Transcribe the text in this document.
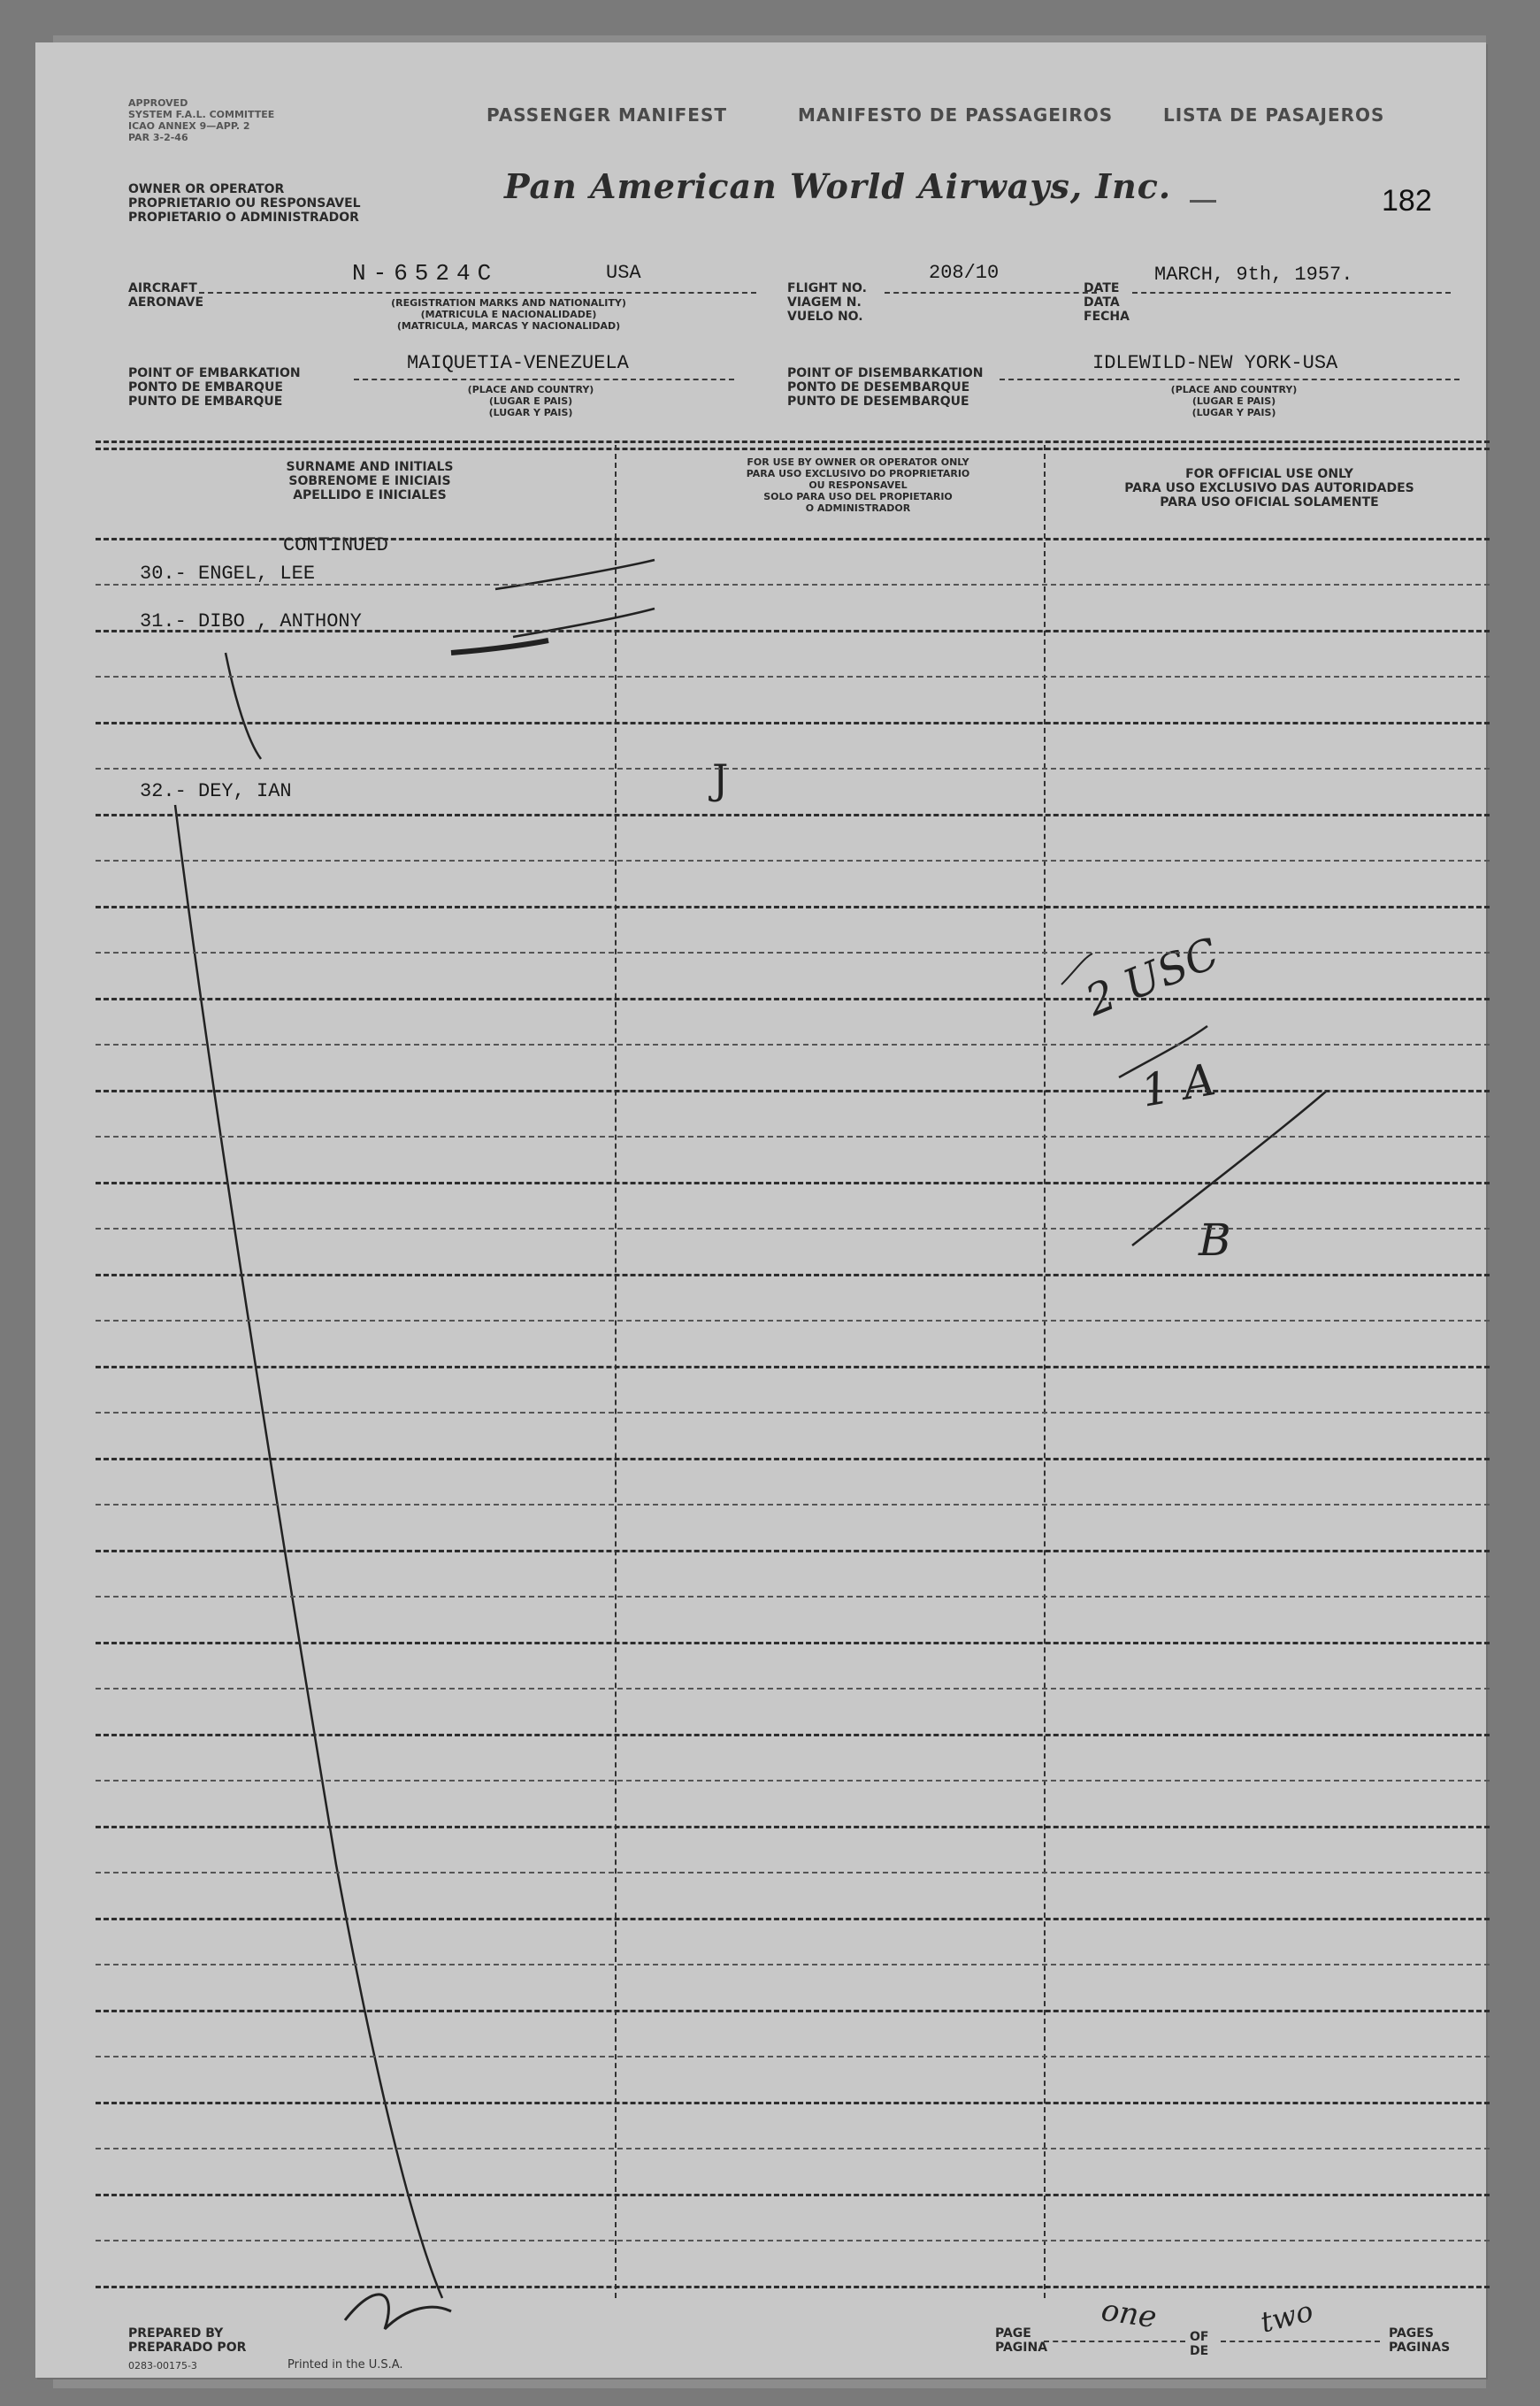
APPROVED
SYSTEM F.A.L. COMMITTEE
ICAO ANNEX 9—APP. 2
PAR 3-2-46
PASSENGER MANIFEST	MANIFESTO DE PASSAGEIROS	LISTA DE PASAJEROS
OWNER OR OPERATOR
PROPRIETARIO OU RESPONSAVEL
PROPIETARIO O ADMINISTRADOR
Pan American World Airways, Inc.	182
AIRCRAFT
AERONAVE
N-6524C	USA
(REGISTRATION MARKS AND NATIONALITY)
(MATRICULA E NACIONALIDADE)
(MATRICULA, MARCAS Y NACIONALIDAD)
FLIGHT NO.
VIAGEM N.
VUELO NO.
208/10
DATE
DATA
FECHA
MARCH, 9th, 1957.
POINT OF EMBARKATION
PONTO DE EMBARQUE
PUNTO DE EMBARQUE
MAIQUETIA-VENEZUELA
(PLACE AND COUNTRY)
(LUGAR E PAIS)
(LUGAR Y PAIS)
POINT OF DISEMBARKATION
PONTO DE DESEMBARQUE
PUNTO DE DESEMBARQUE
IDLEWILD-NEW YORK-USA
(PLACE AND COUNTRY)
(LUGAR E PAIS)
(LUGAR Y PAIS)
SURNAME AND INITIALS
SOBRENOME E INICIAIS
APELLIDO E INICIALES
FOR USE BY OWNER OR OPERATOR ONLY
PARA USO EXCLUSIVO DO PROPRIETARIO
OU RESPONSAVEL
SOLO PARA USO DEL PROPIETARIO
O ADMINISTRADOR
FOR OFFICIAL USE ONLY
PARA USO EXCLUSIVO DAS AUTORIDADES
PARA USO OFICIAL SOLAMENTE
CONTINUED
30.- ENGEL, LEE
31.- DIBO , ANTHONY
32.- DEY, IAN	J
2 USC
1 A
B
PREPARED BY
PREPARADO POR
0283-00175-3	Printed in the U.S.A.
PAGE
PAGINA
one
OF
DE
two	PAGES
PAGINAS
